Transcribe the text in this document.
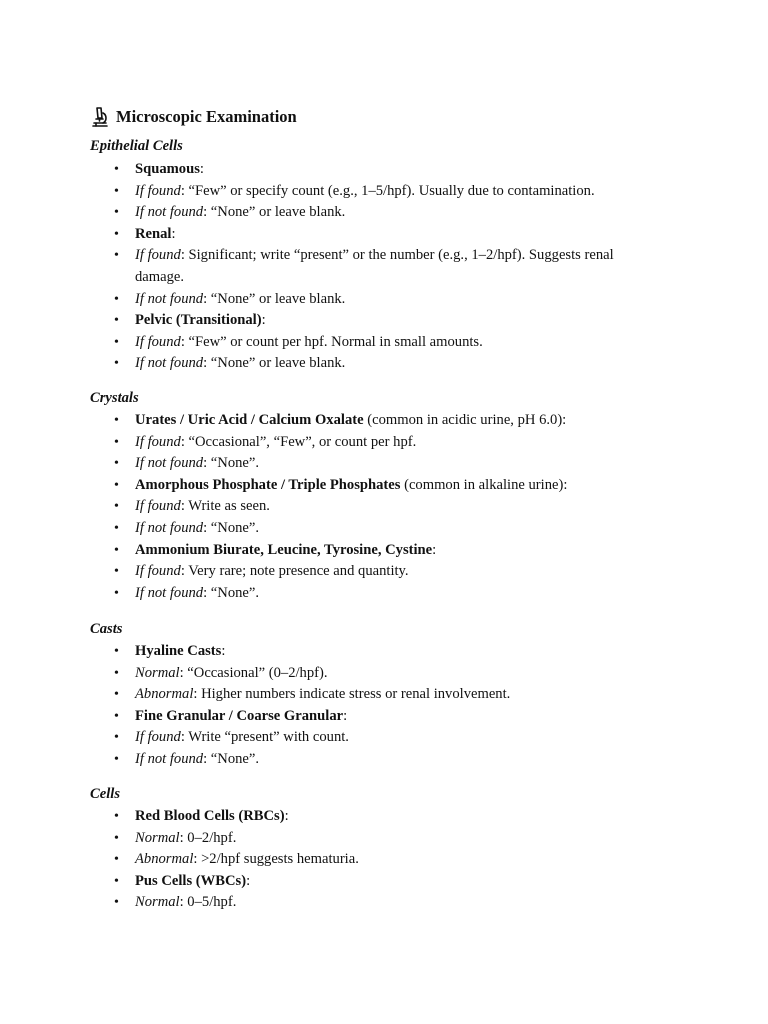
Microscopic Examination
Epithelial Cells
• Squamous:
• If found: “Few” or specify count (e.g., 1–5/hpf). Usually due to contamination.
• If not found: “None” or leave blank.
• Renal:
• If found: Significant; write “present” or the number (e.g., 1–2/hpf). Suggests renal damage.
• If not found: “None” or leave blank.
• Pelvic (Transitional):
• If found: “Few” or count per hpf. Normal in small amounts.
• If not found: “None” or leave blank.
Crystals
• Urates / Uric Acid / Calcium Oxalate (common in acidic urine, pH 6.0):
• If found: “Occasional”, “Few”, or count per hpf.
• If not found: “None”.
• Amorphous Phosphate / Triple Phosphates (common in alkaline urine):
• If found: Write as seen.
• If not found: “None”.
• Ammonium Biurate, Leucine, Tyrosine, Cystine:
• If found: Very rare; note presence and quantity.
• If not found: “None”.
Casts
• Hyaline Casts:
• Normal: “Occasional” (0–2/hpf).
• Abnormal: Higher numbers indicate stress or renal involvement.
• Fine Granular / Coarse Granular:
• If found: Write “present” with count.
• If not found: “None”.
Cells
• Red Blood Cells (RBCs):
• Normal: 0–2/hpf.
• Abnormal: >2/hpf suggests hematuria.
• Pus Cells (WBCs):
• Normal: 0–5/hpf.
